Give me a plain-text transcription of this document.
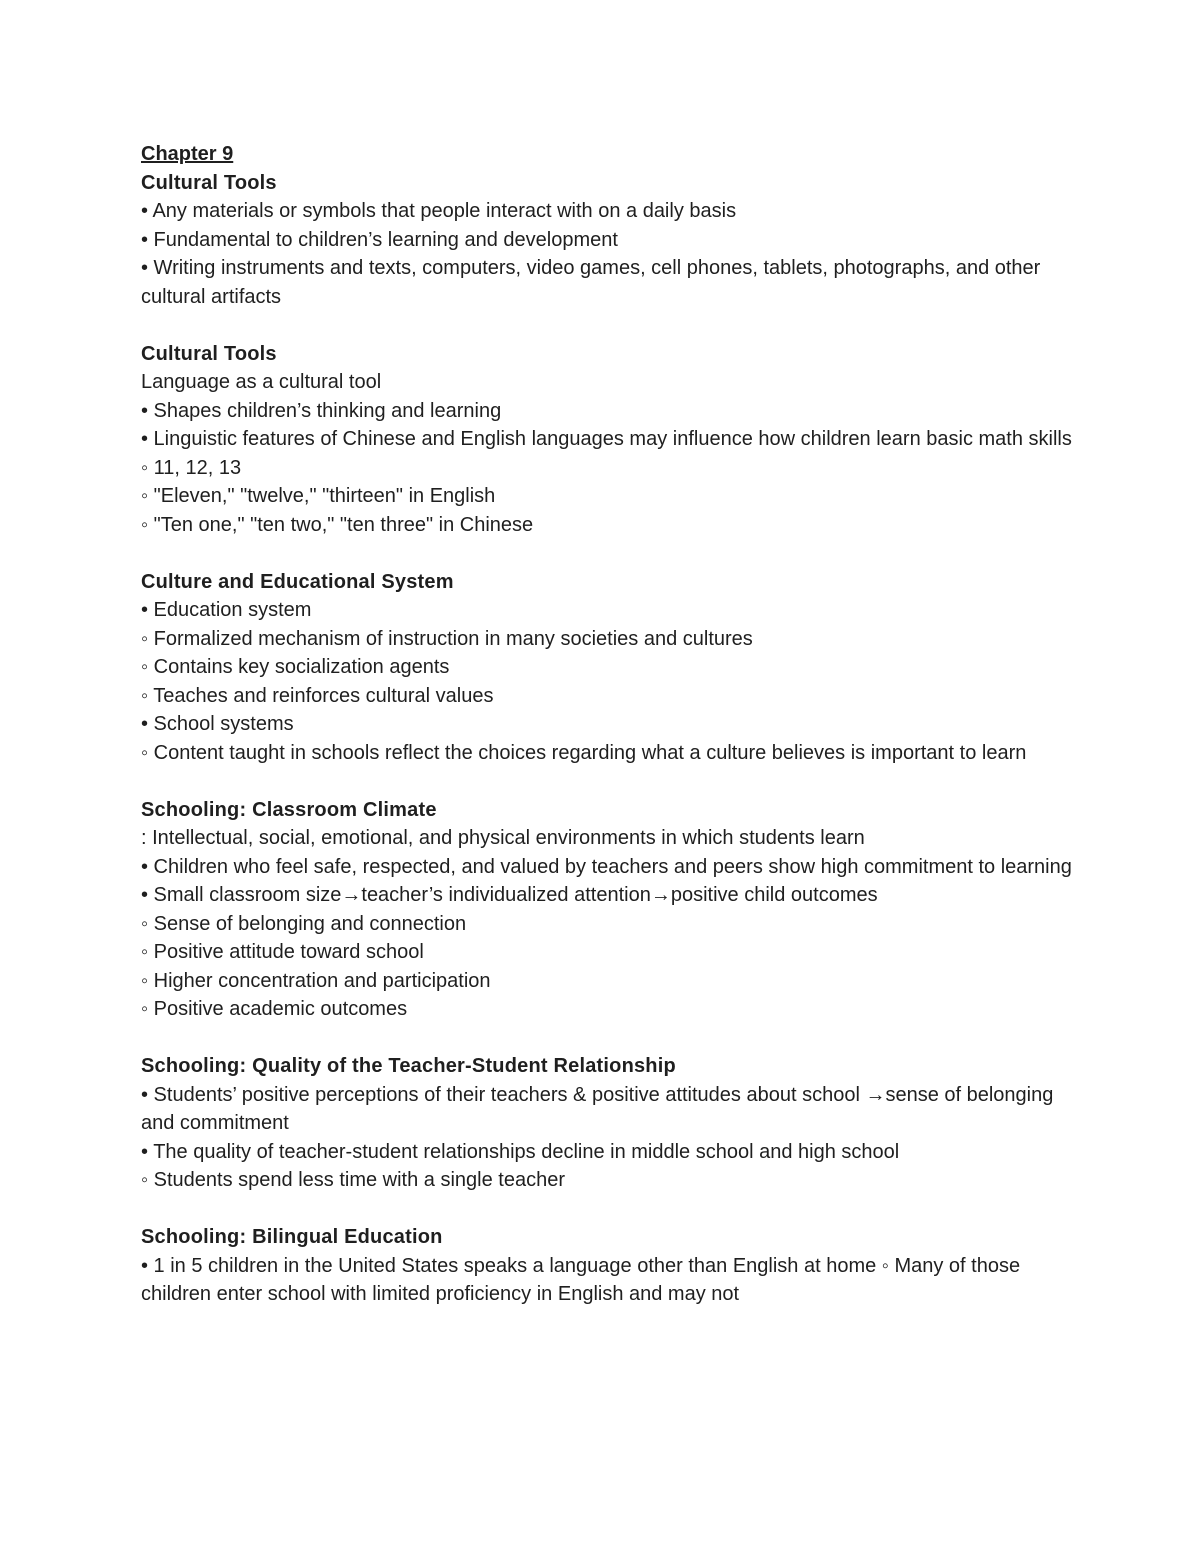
Chapter 9

Cultural Tools

• Any materials or symbols that people interact with on a daily basis

• Fundamental to children’s learning and development

• Writing instruments and texts, computers, video games, cell phones, tablets, photographs, and other cultural artifacts

Cultural Tools

Language as a cultural tool

• Shapes children’s thinking and learning

• Linguistic features of Chinese and English languages may influence how children learn basic math skills

◦ 11, 12, 13

◦ "Eleven," "twelve," "thirteen" in English

◦ "Ten one," "ten two," "ten three" in Chinese

Culture and Educational System

• Education system

◦ Formalized mechanism of instruction in many societies and cultures

◦ Contains key socialization agents

◦ Teaches and reinforces cultural values

• School systems

◦ Content taught in schools reflect the choices regarding what a culture believes is important to learn

Schooling: Classroom Climate

: Intellectual, social, emotional, and physical environments in which students learn

• Children who feel safe, respected, and valued by teachers and peers show high commitment to learning

• Small classroom size→teacher’s individualized attention→positive child outcomes

◦ Sense of belonging and connection

◦ Positive attitude toward school

◦ Higher concentration and participation

◦ Positive academic outcomes

Schooling: Quality of the Teacher-Student Relationship

• Students’ positive perceptions of their teachers & positive attitudes about school →sense of belonging and commitment

• The quality of teacher-student relationships decline in middle school and high school

◦ Students spend less time with a single teacher

Schooling: Bilingual Education

• 1 in 5 children in the United States speaks a language other than English at home ◦ Many of those children enter school with limited proficiency in English and may not
